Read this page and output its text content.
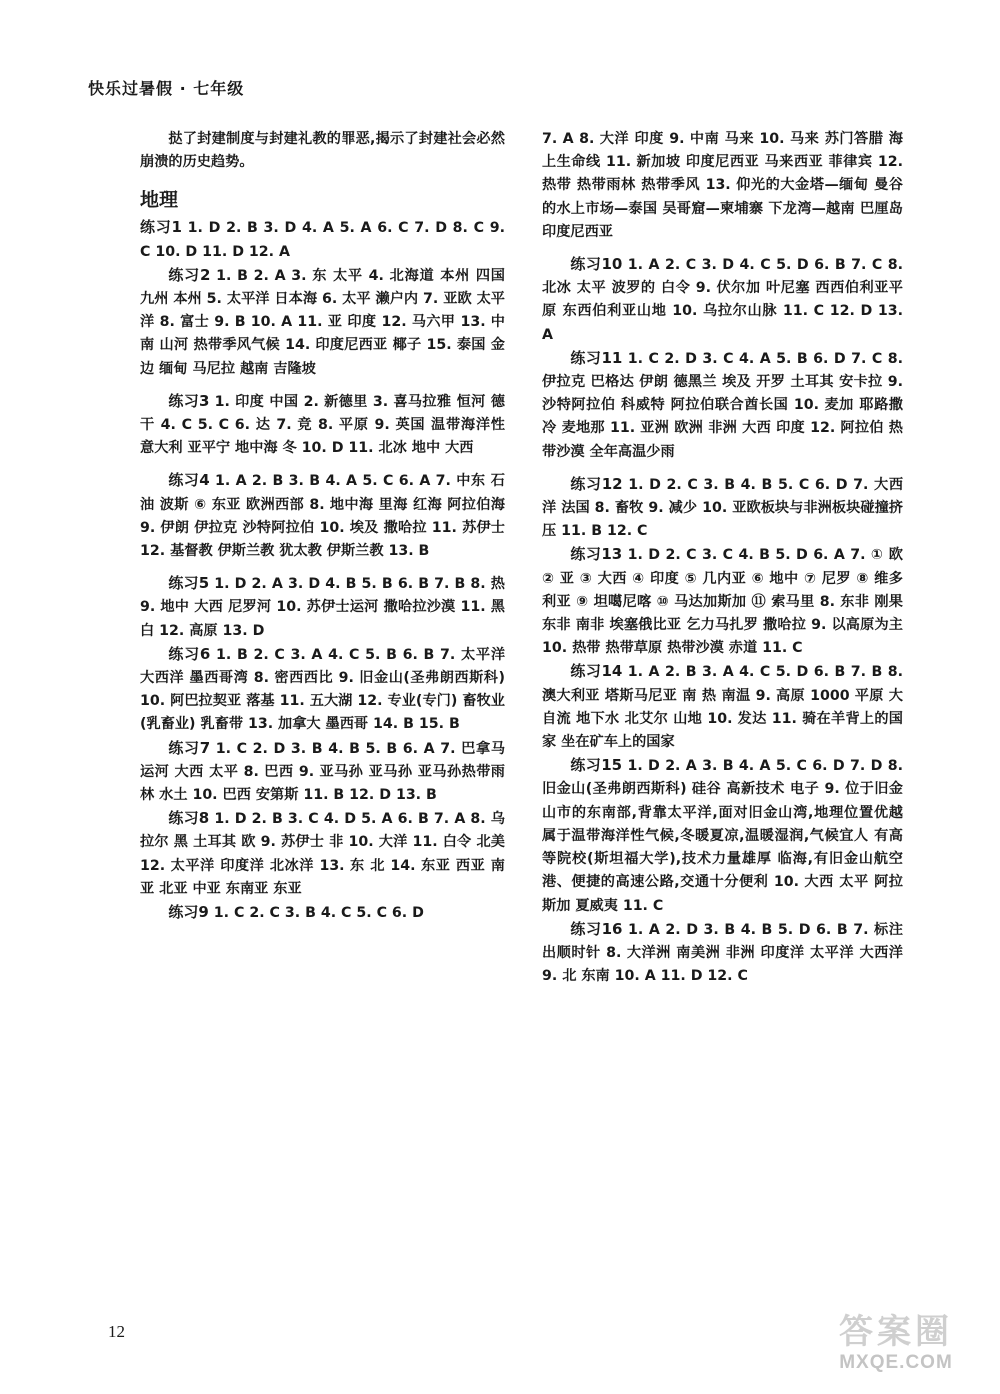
快乐过暑假 · 七年级

挞了封建制度与封建礼教的罪恶,揭示了封建社会必然崩溃的历史趋势。

地理

练习1 1. D 2. B 3. D 4. A 5. A 6. C 7. D 8. C 9. C 10. D 11. D 12. A

练习2 1. B 2. A 3. 东 太平 4. 北海道 本州 四国 九州 本州 5. 太平洋 日本海 6. 太平 濑户内 7. 亚欧 太平洋 8. 富士 9. B 10. A 11. 亚 印度 12. 马六甲 13. 中南 山河 热带季风气候 14. 印度尼西亚 椰子 15. 泰国 金边 缅甸 马尼拉 越南 吉隆坡

练习3 1. 印度 中国 2. 新德里 3. 喜马拉雅 恒河 德干 4. C 5. C 6. 达 7. 竞 8. 平原 9. 英国 温带海洋性 意大利 亚平宁 地中海 冬 10. D 11. 北冰 地中 大西

练习4 1. A 2. B 3. B 4. A 5. C 6. A 7. 中东 石油 波斯 ⑥ 东亚 欧洲西部 8. 地中海 里海 红海 阿拉伯海 9. 伊朗 伊拉克 沙特阿拉伯 10. 埃及 撒哈拉 11. 苏伊士 12. 基督教 伊斯兰教 犹太教 伊斯兰教 13. B

练习5 1. D 2. A 3. D 4. B 5. B 6. B 7. B 8. 热 9. 地中 大西 尼罗河 10. 苏伊士运河 撒哈拉沙漠 11. 黑 白 12. 高原 13. D

练习6 1. B 2. C 3. A 4. C 5. B 6. B 7. 太平洋 大西洋 墨西哥湾 8. 密西西比 9. 旧金山(圣弗朗西斯科) 10. 阿巴拉契亚 落基 11. 五大湖 12. 专业(专门) 畜牧业(乳畜业) 乳畜带 13. 加拿大 墨西哥 14. B 15. B

练习7 1. C 2. D 3. B 4. B 5. B 6. A 7. 巴拿马运河 大西 太平 8. 巴西 9. 亚马孙 亚马孙 亚马孙热带雨林 水土 10. 巴西 安第斯 11. B 12. D 13. B

练习8 1. D 2. B 3. C 4. D 5. A 6. B 7. A 8. 乌拉尔 黑 土耳其 欧 9. 苏伊士 非 10. 大洋 11. 白令 北美 12. 太平洋 印度洋 北冰洋 13. 东 北 14. 东亚 西亚 南亚 北亚 中亚 东南亚 东亚

练习9 1. C 2. C 3. B 4. C 5. C 6. D

7. A 8. 大洋 印度 9. 中南 马来 10. 马来 苏门答腊 海上生命线 11. 新加坡 印度尼西亚 马来西亚 菲律宾 12. 热带 热带雨林 热带季风 13. 仰光的大金塔—缅甸 曼谷的水上市场—泰国 吴哥窟—柬埔寨 下龙湾—越南 巴厘岛 印度尼西亚

练习10 1. A 2. C 3. D 4. C 5. D 6. B 7. C 8. 北冰 太平 波罗的 白令 9. 伏尔加 叶尼塞 西西伯利亚平原 东西伯利亚山地 10. 乌拉尔山脉 11. C 12. D 13. A

练习11 1. C 2. D 3. C 4. A 5. B 6. D 7. C 8. 伊拉克 巴格达 伊朗 德黑兰 埃及 开罗 土耳其 安卡拉 9. 沙特阿拉伯 科威特 阿拉伯联合酋长国 10. 麦加 耶路撒冷 麦地那 11. 亚洲 欧洲 非洲 大西 印度 12. 阿拉伯 热带沙漠 全年高温少雨

练习12 1. D 2. C 3. B 4. B 5. C 6. D 7. 大西洋 法国 8. 畜牧 9. 减少 10. 亚欧板块与非洲板块碰撞挤压 11. B 12. C

练习13 1. D 2. C 3. C 4. B 5. D 6. A 7. ① 欧 ② 亚 ③ 大西 ④ 印度 ⑤ 几内亚 ⑥ 地中 ⑦ 尼罗 ⑧ 维多利亚 ⑨ 坦噶尼喀 ⑩ 马达加斯加 ⑪ 索马里 8. 东非 刚果 东非 南非 埃塞俄比亚 乞力马扎罗 撒哈拉 9. 以高原为主 10. 热带 热带草原 热带沙漠 赤道 11. C

练习14 1. A 2. B 3. A 4. C 5. D 6. B 7. B 8. 澳大利亚 塔斯马尼亚 南 热 南温 9. 高原 1000 平原 大自流 地下水 北艾尔 山地 10. 发达 11. 骑在羊背上的国家 坐在矿车上的国家

练习15 1. D 2. A 3. B 4. A 5. C 6. D 7. D 8. 旧金山(圣弗朗西斯科) 硅谷 高新技术 电子 9. 位于旧金山市的东南部,背靠太平洋,面对旧金山湾,地理位置优越 属于温带海洋性气候,冬暖夏凉,温暖湿润,气候宜人 有高等院校(斯坦福大学),技术力量雄厚 临海,有旧金山航空港、便捷的高速公路,交通十分便利 10. 大西 太平 阿拉斯加 夏威夷 11. C

练习16 1. A 2. D 3. B 4. B 5. D 6. B 7. 标注出顺时针 8. 大洋洲 南美洲 非洲 印度洋 太平洋 大西洋 9. 北 东南 10. A 11. D 12. C

12	答案圈
MXQE.COM
